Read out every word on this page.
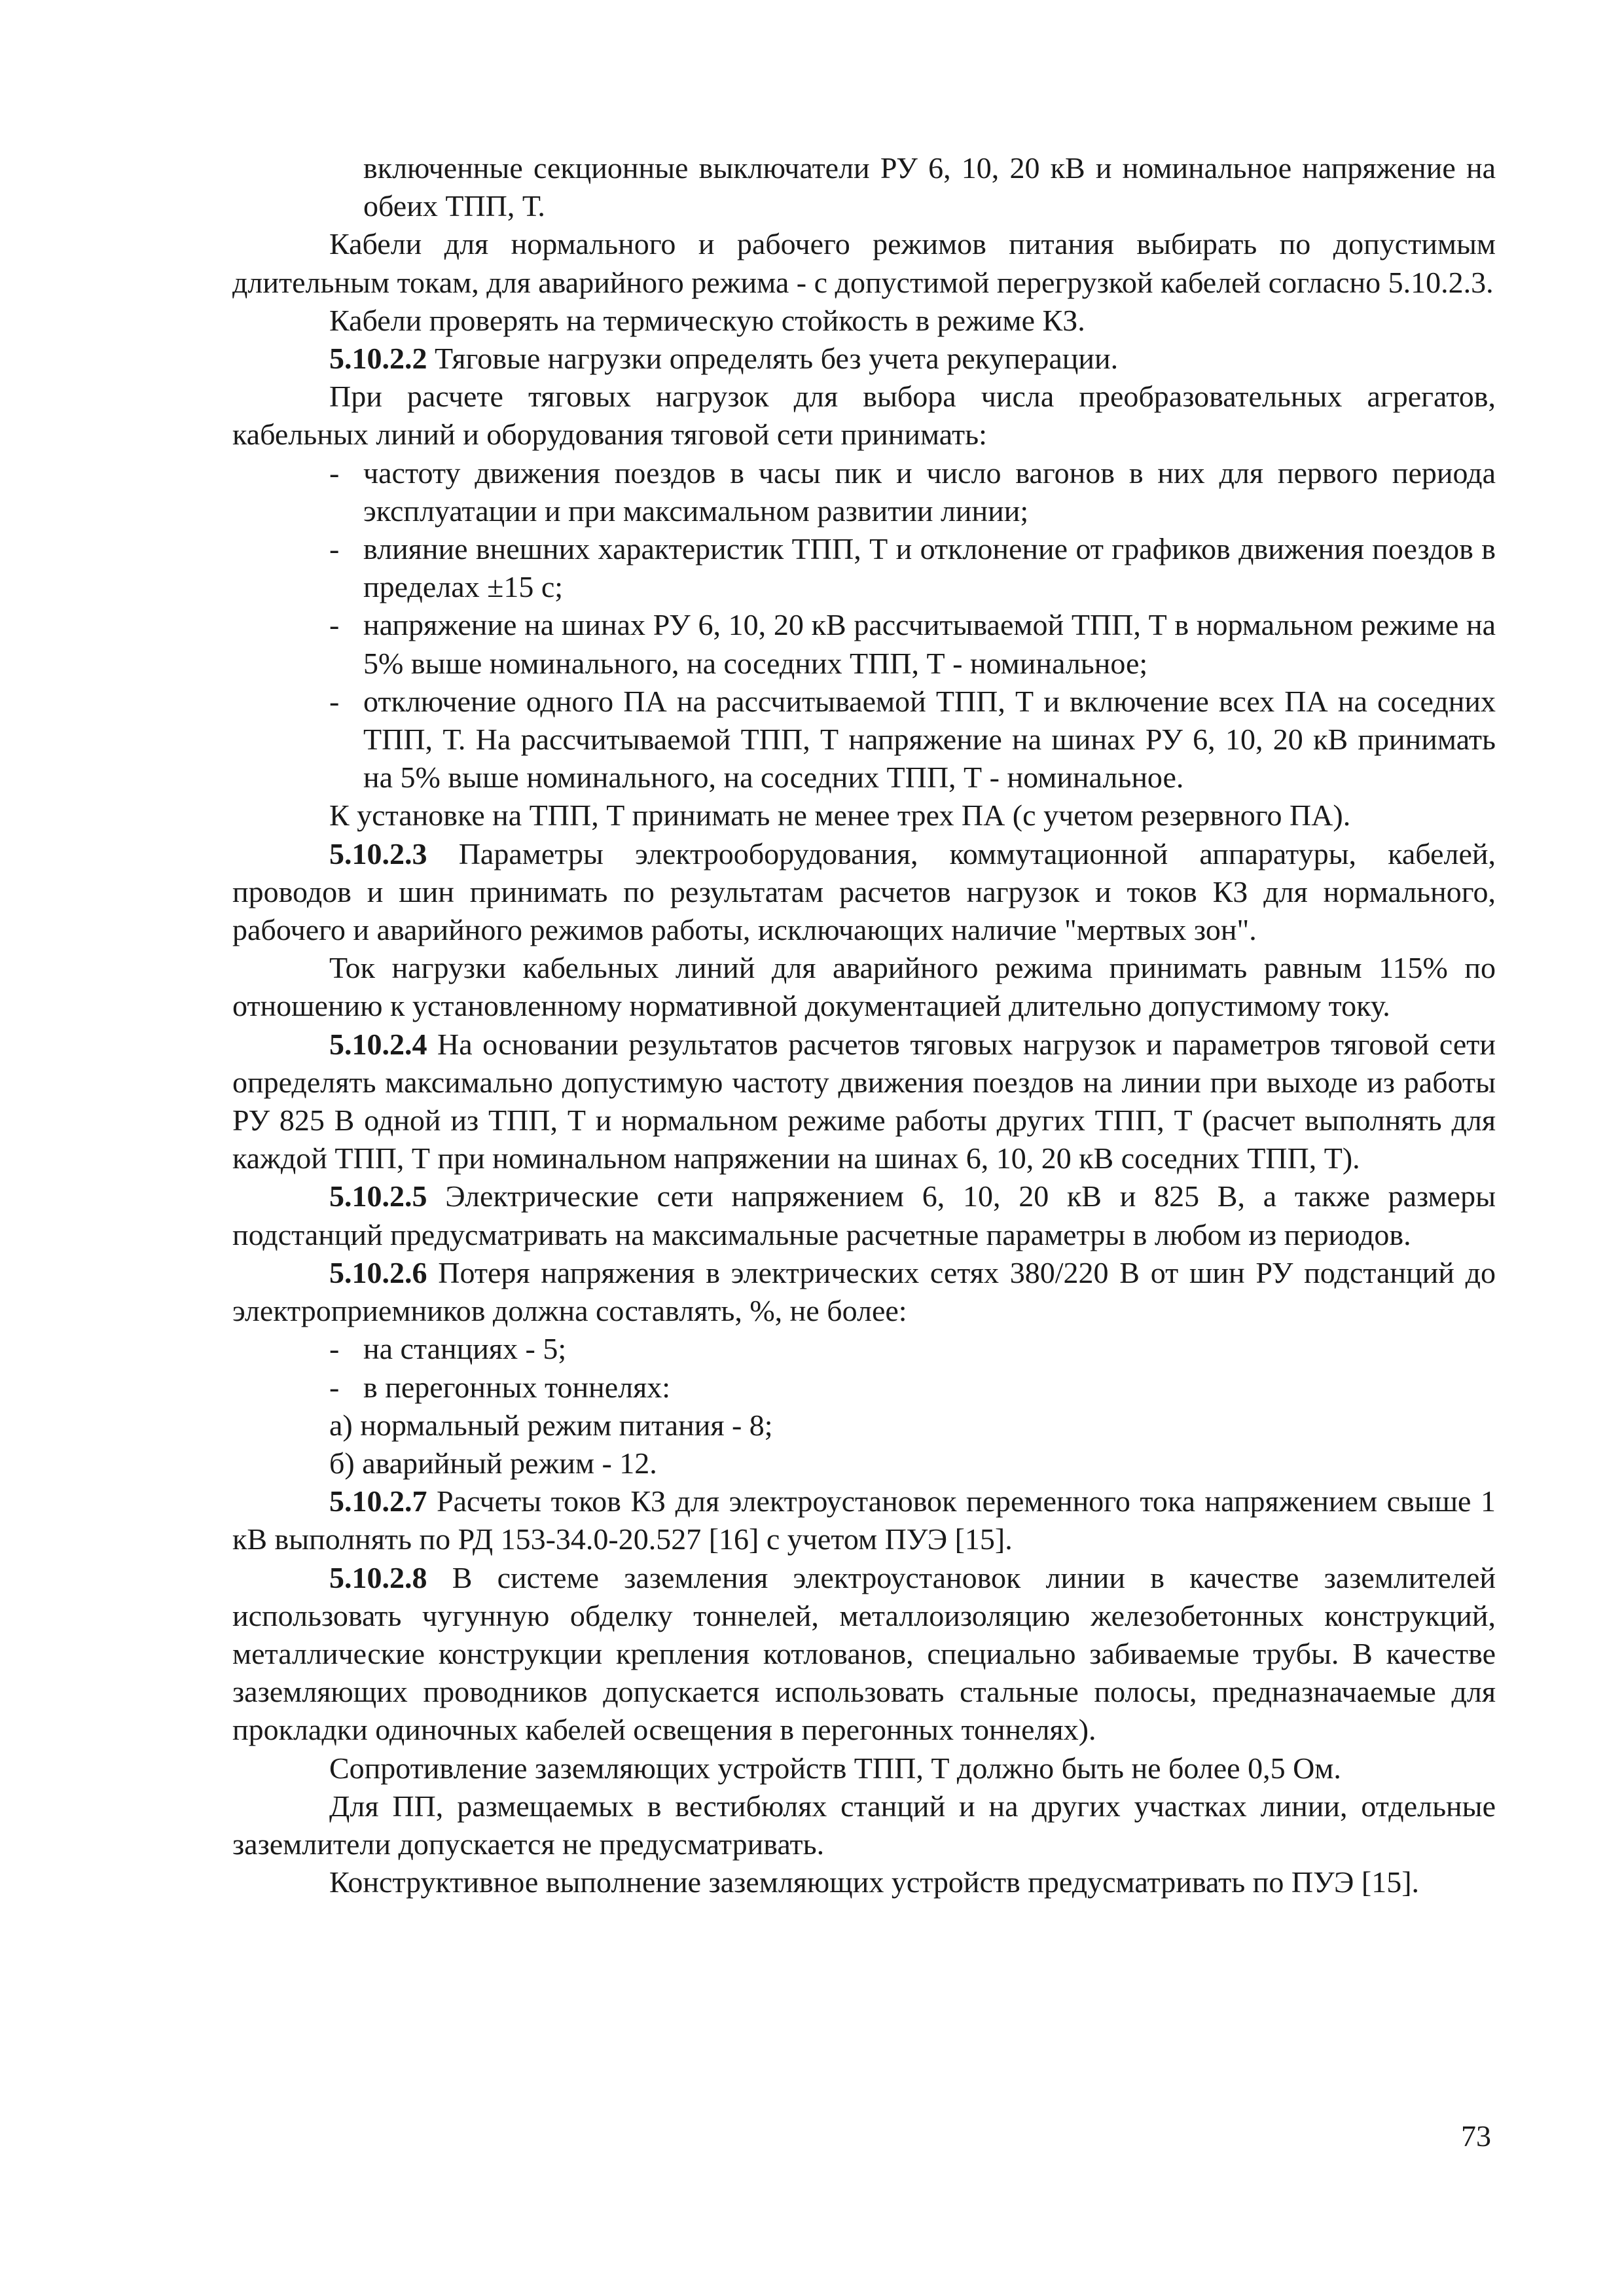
включенные секционные выключатели РУ 6, 10, 20 кВ и номинальное напряжение на обеих ТПП, Т.

Кабели для нормального и рабочего режимов питания выбирать по допустимым длительным токам, для аварийного режима - с допустимой перегрузкой кабелей согласно 5.10.2.3.

Кабели проверять на термическую стойкость в режиме КЗ.

5.10.2.2 Тяговые нагрузки определять без учета рекуперации.

При расчете тяговых нагрузок для выбора числа преобразовательных агрегатов, кабельных линий и оборудования тяговой сети принимать:

- частоту движения поездов в часы пик и число вагонов в них для первого периода эксплуатации и при максимальном развитии линии;

- влияние внешних характеристик ТПП, Т и отклонение от графиков движения поездов в пределах ±15 с;

- напряжение на шинах РУ 6, 10, 20 кВ рассчитываемой ТПП, Т в нормальном режиме на 5% выше номинального, на соседних ТПП, Т - номинальное;

- отключение одного ПА на рассчитываемой ТПП, Т и включение всех ПА на соседних ТПП, Т. На рассчитываемой ТПП, Т напряжение на шинах РУ 6, 10, 20 кВ принимать на 5% выше номинального, на соседних ТПП, Т - номинальное.

К установке на ТПП, Т принимать не менее трех ПА (с учетом резервного ПА).

5.10.2.3 Параметры электрооборудования, коммутационной аппаратуры, кабелей, проводов и шин принимать по результатам расчетов нагрузок и токов КЗ для нормального, рабочего и аварийного режимов работы, исключающих наличие "мертвых зон".

Ток нагрузки кабельных линий для аварийного режима принимать равным 115% по отношению к установленному нормативной документацией длительно допустимому току.

5.10.2.4 На основании результатов расчетов тяговых нагрузок и параметров тяговой сети определять максимально допустимую частоту движения поездов на линии при выходе из работы РУ 825 В одной из ТПП, Т и нормальном режиме работы других ТПП, Т (расчет выполнять для каждой ТПП, Т при номинальном напряжении на шинах 6, 10, 20 кВ соседних ТПП, Т).

5.10.2.5 Электрические сети напряжением 6, 10, 20 кВ и 825 В, а также размеры подстанций предусматривать на максимальные расчетные параметры в любом из периодов.

5.10.2.6 Потеря напряжения в электрических сетях 380/220 В от шин РУ подстанций до электроприемников должна составлять, %, не более:

- на станциях - 5;

- в перегонных тоннелях:

а) нормальный режим питания - 8;

б) аварийный режим - 12.

5.10.2.7 Расчеты токов КЗ для электроустановок переменного тока напряжением свыше 1 кВ выполнять по РД 153-34.0-20.527 [16] с учетом ПУЭ [15].

5.10.2.8 В системе заземления электроустановок линии в качестве заземлителей использовать чугунную обделку тоннелей, металлоизоляцию железобетонных конструкций, металлические конструкции крепления котлованов, специально забиваемые трубы. В качестве заземляющих проводников допускается использовать стальные полосы, предназначаемые для прокладки одиночных кабелей освещения в перегонных тоннелях).

Сопротивление заземляющих устройств ТПП, Т должно быть не более 0,5 Ом.

Для ПП, размещаемых в вестибюлях станций и на других участках линии, отдельные заземлители допускается не предусматривать.

Конструктивное выполнение заземляющих устройств предусматривать по ПУЭ [15].

73
